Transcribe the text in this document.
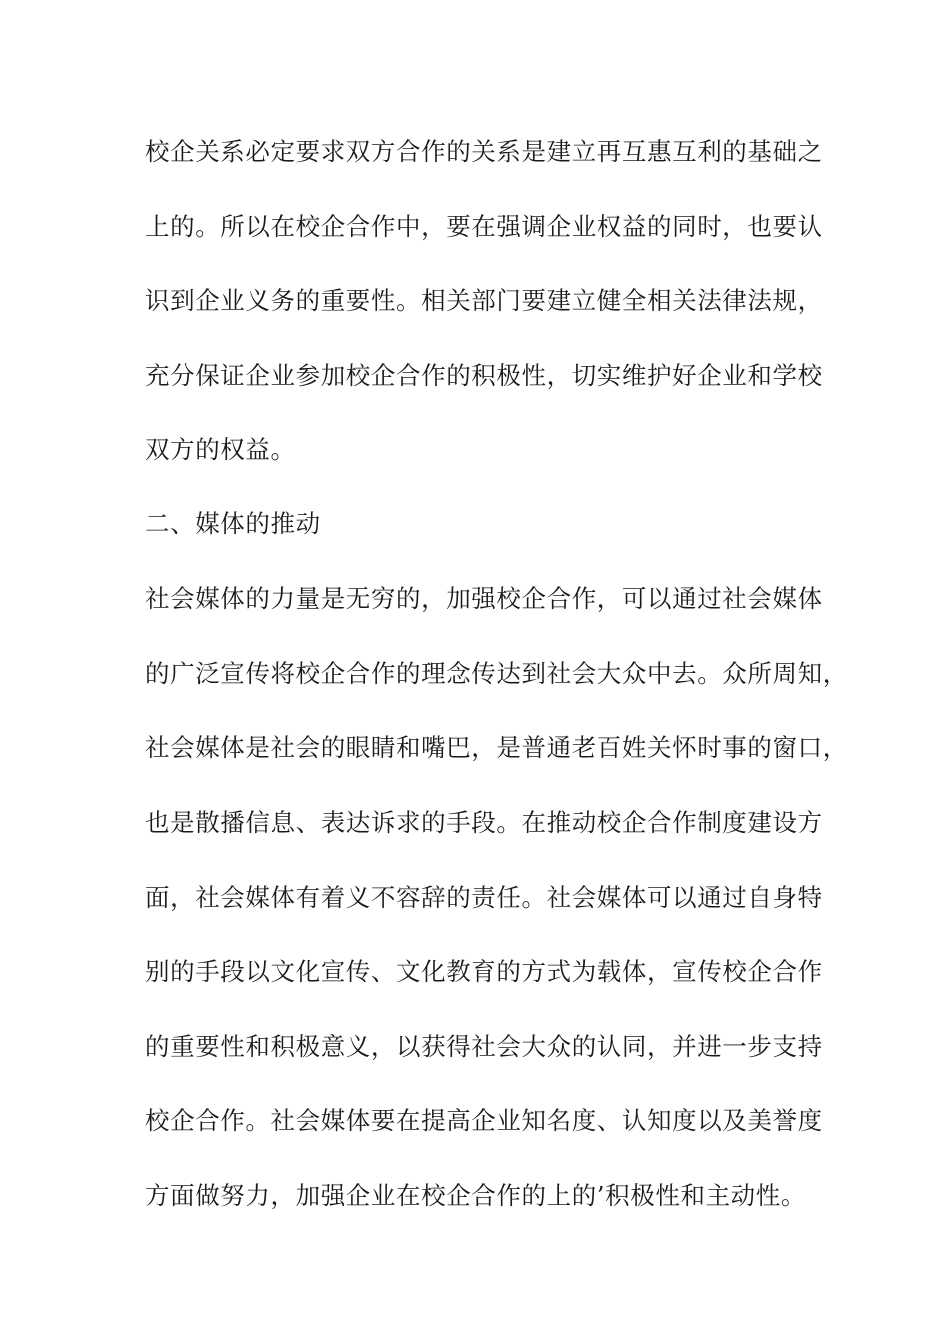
校企关系必定要求双方合作的关系是建立再互惠互利的基础之
上的。所以在校企合作中，要在强调企业权益的同时，也要认
识到企业义务的重要性。相关部门要建立健全相关法律法规，
充分保证企业参加校企合作的积极性，切实维护好企业和学校
双方的权益。
二、媒体的推动
社会媒体的力量是无穷的，加强校企合作，可以通过社会媒体
的广泛宣传将校企合作的理念传达到社会大众中去。众所周知，
社会媒体是社会的眼睛和嘴巴，是普通老百姓关怀时事的窗口，
也是散播信息、表达诉求的手段。在推动校企合作制度建设方
面，社会媒体有着义不容辞的责任。社会媒体可以通过自身特
别的手段以文化宣传、文化教育的方式为载体，宣传校企合作
的重要性和积极意义，以获得社会大众的认同，并进一步支持
校企合作。社会媒体要在提高企业知名度、认知度以及美誉度
方面做努力，加强企业在校企合作的上的’积极性和主动性。
